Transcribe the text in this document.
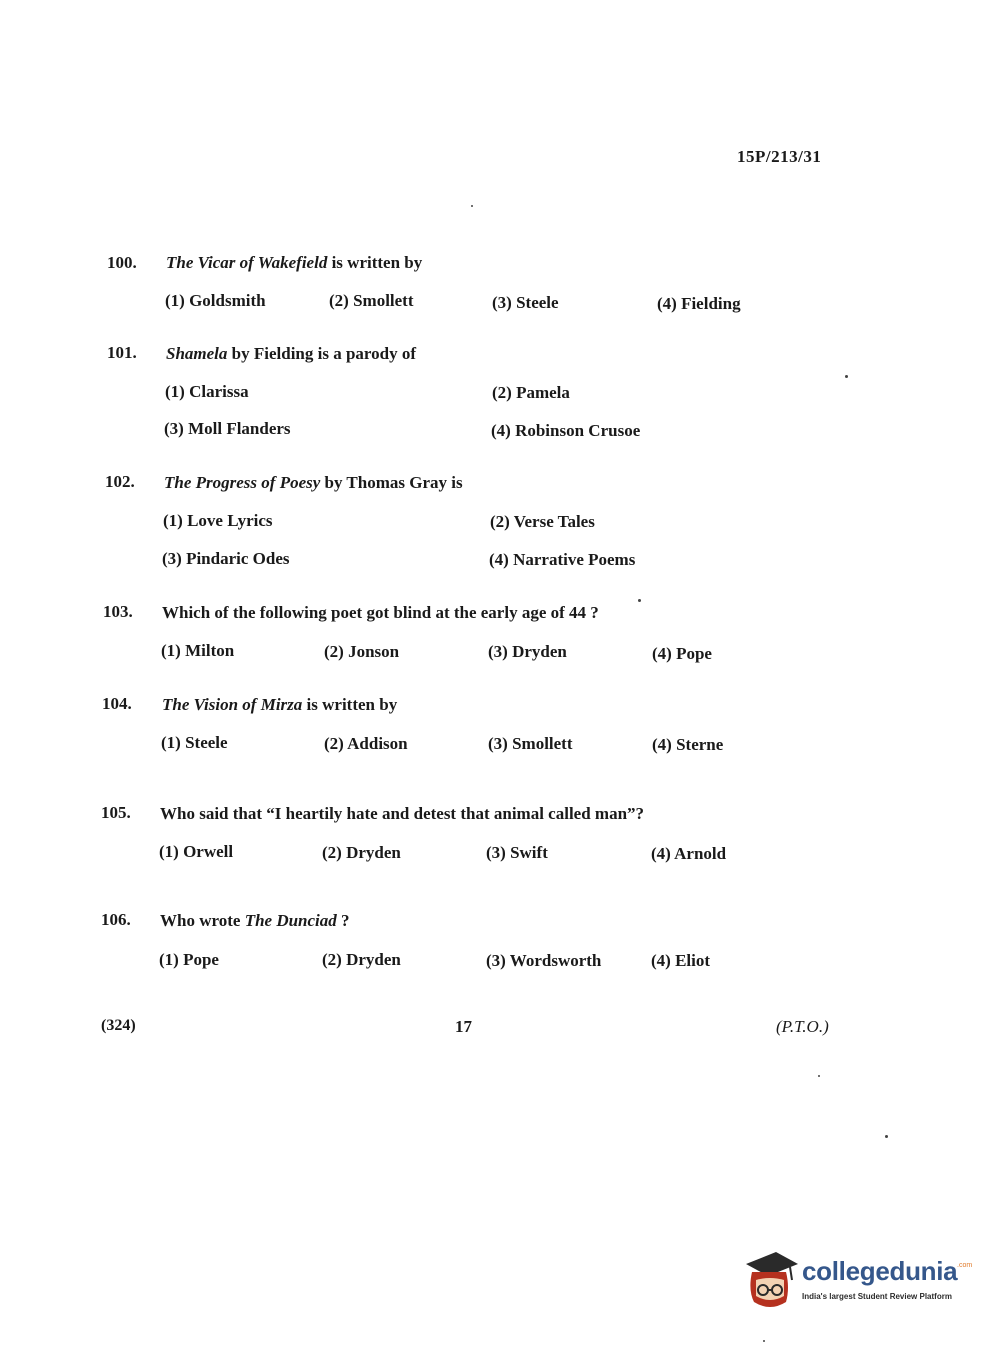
15P/213/31
100. The Vicar of Wakefield is written by
(1) Goldsmith	(2) Smollett	(3) Steele	(4) Fielding
101. Shamela by Fielding is a parody of
(1) Clarissa	(2) Pamela
(3) Moll Flanders	(4) Robinson Crusoe
102. The Progress of Poesy by Thomas Gray is
(1) Love Lyrics	(2) Verse Tales
(3) Pindaric Odes	(4) Narrative Poems
103. Which of the following poet got blind at the early age of 44 ?
(1) Milton	(2) Jonson	(3) Dryden	(4) Pope
104. The Vision of Mirza is written by
(1) Steele	(2) Addison	(3) Smollett	(4) Sterne
105. Who said that “I heartily hate and detest that animal called man”?
(1) Orwell	(2) Dryden	(3) Swift	(4) Arnold
106. Who wrote The Dunciad ?
(1) Pope	(2) Dryden	(3) Wordsworth	(4) Eliot
(324)	17	(P.T.O.)
collegedunia .com
India's largest Student Review Platform
